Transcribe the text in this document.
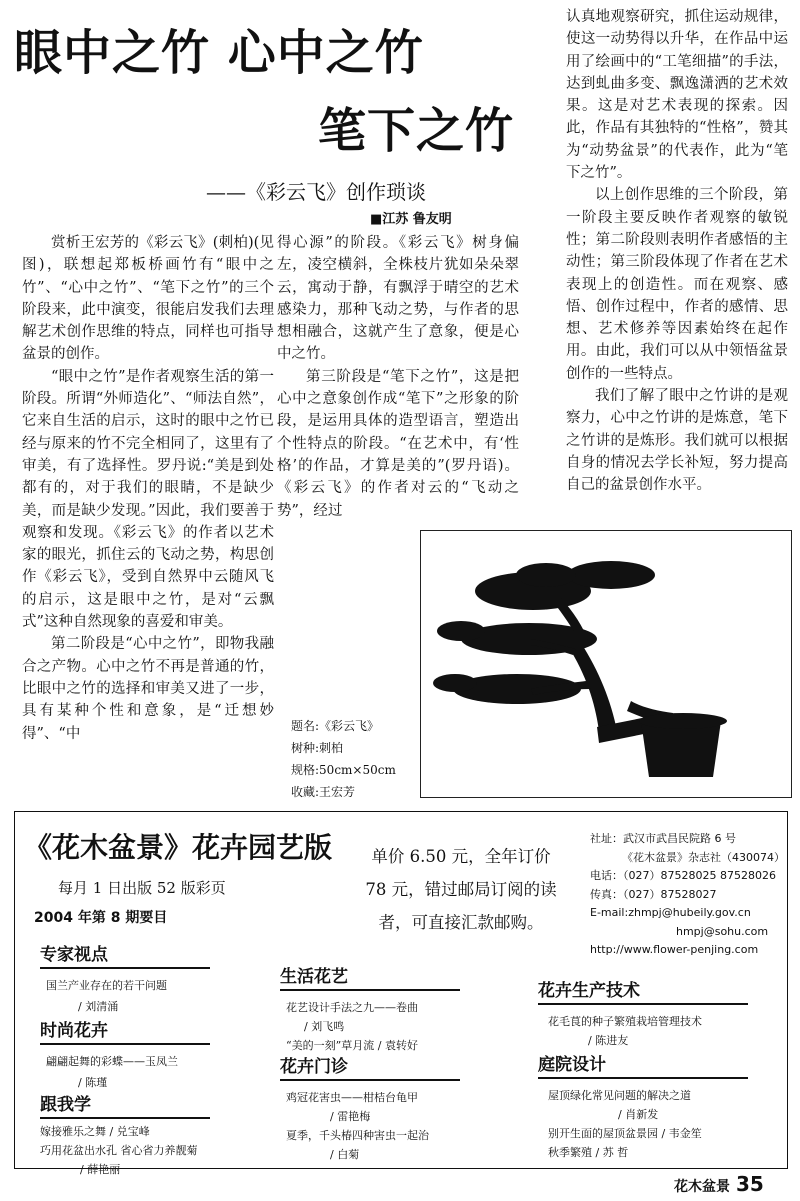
眼中之竹 心中之竹
笔下之竹
——《彩云飞》创作琐谈
■江苏 鲁友明

赏析王宏芳的《彩云飞》(刺柏)(见图)，联想起郑板桥画竹有“眼中之竹”、“心中之竹”、“笔下之竹”的三个阶段来，此中演变，很能启发我们去理解艺术创作思维的特点，同样也可指导盆景的创作。

“眼中之竹”是作者观察生活的第一阶段。所谓“外师造化”、“师法自然”，它来自生活的启示，这时的眼中之竹已经与原来的竹不完全相同了，这里有了审美，有了选择性。罗丹说:“美是到处都有的，对于我们的眼睛，不是缺少美，而是缺少发现。”因此，我们要善于观察和发现。《彩云飞》的作者以艺术家的眼光，抓住云的飞动之势，构思创作《彩云飞》，受到自然界中云随风飞的启示，这是眼中之竹，是对“云飘式”这种自然现象的喜爱和审美。

第二阶段是“心中之竹”，即物我融合之产物。心中之竹不再是普通的竹，比眼中之竹的选择和审美又进了一步，具有某种个性和意象，是“迁想妙得”、“中

得心源”的阶段。《彩云飞》树身偏左，凌空横斜，全株枝片犹如朵朵翠云，寓动于静，有飘浮于晴空的艺术感染力，那种飞动之势，与作者的思想相融合，这就产生了意象，便是心中之竹。

第三阶段是“笔下之竹”，这是把心中之意象创作成“笔下”之形象的阶段，是运用具体的造型语言，塑造出个性特点的阶段。“在艺术中，有‘性格’的作品，才算是美的”(罗丹语)。《彩云飞》的作者对云的“飞动之势”，经过

认真地观察研究，抓住运动规律，使这一动势得以升华，在作品中运用了绘画中的“工笔细描”的手法，达到虬曲多变、飘逸潇洒的艺术效果。这是对艺术表现的探索。因此，作品有其独特的“性格”，赞其为“动势盆景”的代表作，此为“笔下之竹”。

以上创作思维的三个阶段，第一阶段主要反映作者观察的敏锐性；第二阶段则表明作者感悟的主动性；第三阶段体现了作者在艺术表现上的创造性。而在观察、感悟、创作过程中，作者的感情、思想、艺术修养等因素始终在起作用。由此，我们可以从中领悟盆景创作的一些特点。

我们了解了眼中之竹讲的是观察力，心中之竹讲的是炼意，笔下之竹讲的是炼形。我们就可以根据自身的情况去学长补短，努力提高自己的盆景创作水平。

题名:《彩云飞》
树种:刺柏
规格:50cm×50cm
收藏:王宏芳
《花木盆景》花卉园艺版
每月 1 日出版 52 版彩页
2004 年第 8 期要目
单价 6.50 元，全年订价
78 元，错过邮局订阅的读
者，可直接汇款邮购。
社址：武汉市武昌民院路 6 号
《花木盆景》杂志社（430074）
电话：（027）87528025 87528026
传真：（027）87528027
E-mail:zhmpj@hubeily.gov.cn
hmpj@sohu.com
http://www.flower-penjing.com
专家视点
国兰产业存在的若干问题
/ 刘清涌
时尚花卉
翩翩起舞的彩蝶——玉凤兰
/ 陈瑾
跟我学
嫁接雅乐之舞 / 兑宝峰
巧用花盆出水孔 省心省力养靓菊
/ 薛艳丽
生活花艺
花艺设计手法之九——卷曲
/ 刘飞鸣
“美的一刻”草月流 / 袁转好
花卉门诊
鸡冠花害虫——柑桔台龟甲
/ 雷艳梅
夏季，千头椿四种害虫一起治
/ 白菊
花卉生产技术
花毛茛的种子繁殖栽培管理技术
/ 陈进友
庭院设计
屋顶绿化常见问题的解决之道
/ 肖新发
别开生面的屋顶盆景园 / 韦金笙
秋季繁殖 / 苏 哲
花木盆景 35
